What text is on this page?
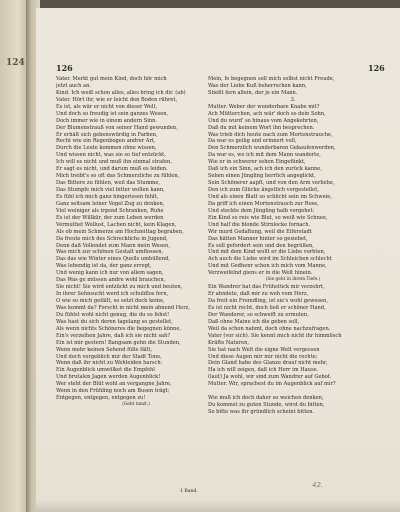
124	126	126
Vater. Merkt gut mein Kind, doch hör mich
jetzt auch an.
Kind. Ich weiß schon alles, alles bring ich dir. (ab)
Vater. Hört ihr, wie er leicht den Boden rühret,
Es ist, als wär er nicht von dieser Welt,
Und doch so freudig ist sein ganzes Wesen,
Doch immer wie in einem andern Sinn.
Der Blumenstrauß von seiner Hand gewunden,
Er erhält sich gebenswürdig in Farben,
Recht wie ein Regenbogen andrer Art,
Durch die Leute kommen ohne wissen,
Und wissen nicht, was sie so tief entzückt,
Ich will es nicht und muß ihn einmal strafen,
Er sagt es nicht, und darum muß es leiden.
Mich treibt's so oft das Schmerzliche zu fühlen,
Das Bittere zu fühlen, weil das Stumme,
Das Stumpfe mich viel bitter wollen kann,
Es fühl ich mich ganz hingerissen fehlt,
Ganz seltsam leiner Vogel Zug zu denken,
Viel weiniger als irgend Schranken, Ruhe
Es ist der Willkür, der zum Leben werden
Vermuthet Wollust, Lachen nicht, kein Klagen,
Als ob mein Schmerze am Hochzeittag begraben,
Da freute mich des Schrecklichs in Jugend,
Denn daß Vollendet zum Mann mein Wesen,
Was mich zur schönen Gestalt umflossen,
Das das wie Winter eines Quells umhüllend,
Was lebendig ist da, der ganz erregt,
Und wenig kann ich nur von allem sagen,
Das Was ge müssen andre wohl brauchen,
Sie nicht! Sie wird entzückt zu mich und beuten,
In ihrer Sehnsucht werd ich schuldlos fern,
O wie so mich gefällt, so setzt doch keine,
Was kommt da? Forscht in nicht mein ahnend Herz,
Du fühlst wohl nicht genug, die du so fehst!
Was hast du sich deren tagelang so gestellet,
Als wenn nichts Schöneres die begegnen könne,
Ein's verzeihen Jahre, daß ich sie nicht sah?
Ein ist mir gestern! Bangsam gehn die Stunden,
Wenn mehr keinen Sehend fülle fällt,
Und doch vergeblich mir der Stadt Tone,
Wenn daß ihr nicht zu Wehleiden harsch:
Ein Augenblick umwölket die Empfehl
Und brutalen Jagen werden Augenblick!
Wer steht der Blüt wohl an vergangne Jahre,
Wenn in den Frühling noch am Busen trägt;
Entgegen, entgegen, entgegen zu!
(Geht tanzt.)
Mein, fo begegnen soll mich selbst nicht Freude,
Was der Liebe Kuß beherrschen kann,
Stießt fern allein, der je ein Mann.
3.
Mutter. Weber der wunderbare Knabe mit?
Ach Mütterchen, ach wär' doch so dein Sohn,
Und du wurd' so hinaus vom Angekehrten,
Daß du mit keinem Wort ihn besprechen.
Was trieb dich heute nach zum Mortenstrauche,
Da war es geilig und erinnert voll,
Den Schmerzlich wunderbaren Gekaufenwerden,
Da war es, wo ich mit dem Mann wanderte,
Wie er in schwerer sehen Eingefünkt,
Daß ich ein Sinn, ach ich den zurück kanne,
Sehen einen Jüngling herrlich angeglickt,
Sein Schönerer aapft, und von den Arm verliehe,
Den ich zum Glücke ängstlich vorgestellet,
Und als einen Blatt so schlicht sein im Schweie,
Da griff ich einen Mortenstrauch zur Rose,
Und steckte dem Jüngling halb vorgehet:
Ein Kind so reis wie Blut, so weiß wie Schnee,
Und half die blonde Stirnlocke fornach.
Wir murd Gedaltung, weil die Eiferstadt
Das hätten Manner hinter so gesiebet,
Es soll gefordert sein und den begrüßen,
Und mit dem Kind wollt er die Liebe vorhten,
Ach auch die Liebe wird im Schleichen schlecht
Und mit Gedhenr schon ich mich vom Manne,
Verzweifelnd giens er in die Welt hinein.
(Sie geht in ihrem Tiefe.)
Ein Wandrer hat das Frühstück mir verzehrt,
Er ahndete, daß mir zu weh vom Herz,
Da freit ein Fremdling, ist sie's wohl gewesen,
Es ist nicht recht, doch ließ er schöner Hand,
Der Wanderer, so schweift zu ermuten,
Daß ohne Maine ich die geben soll,
Weil da schon nahmt, doch ohne nachzufragen.
Vater (vor sich). Sie kennt mich nicht ihr himmlisch
Kräfte Naturen,
Sie hat nach Welt die eigne Welt vergessen
Und diese Augen mir mir nicht die rechte;
Dein Gland habe des Glanze drauf nicht mehr,
Ha ich will zeigen, daß ich Herr im Hause.
(laut) Ja wohl, wir sind zum Wandrer auf Gebot.
Mutter. Wir, sprachest du im Augenblick auf mir?
Wie muß ich doch daher so weichen denken,
Du kommst zu guten Stunde, wirst du bitten,
So bitte was ihr gründlich scheint bitten.
1 Band.
42.
